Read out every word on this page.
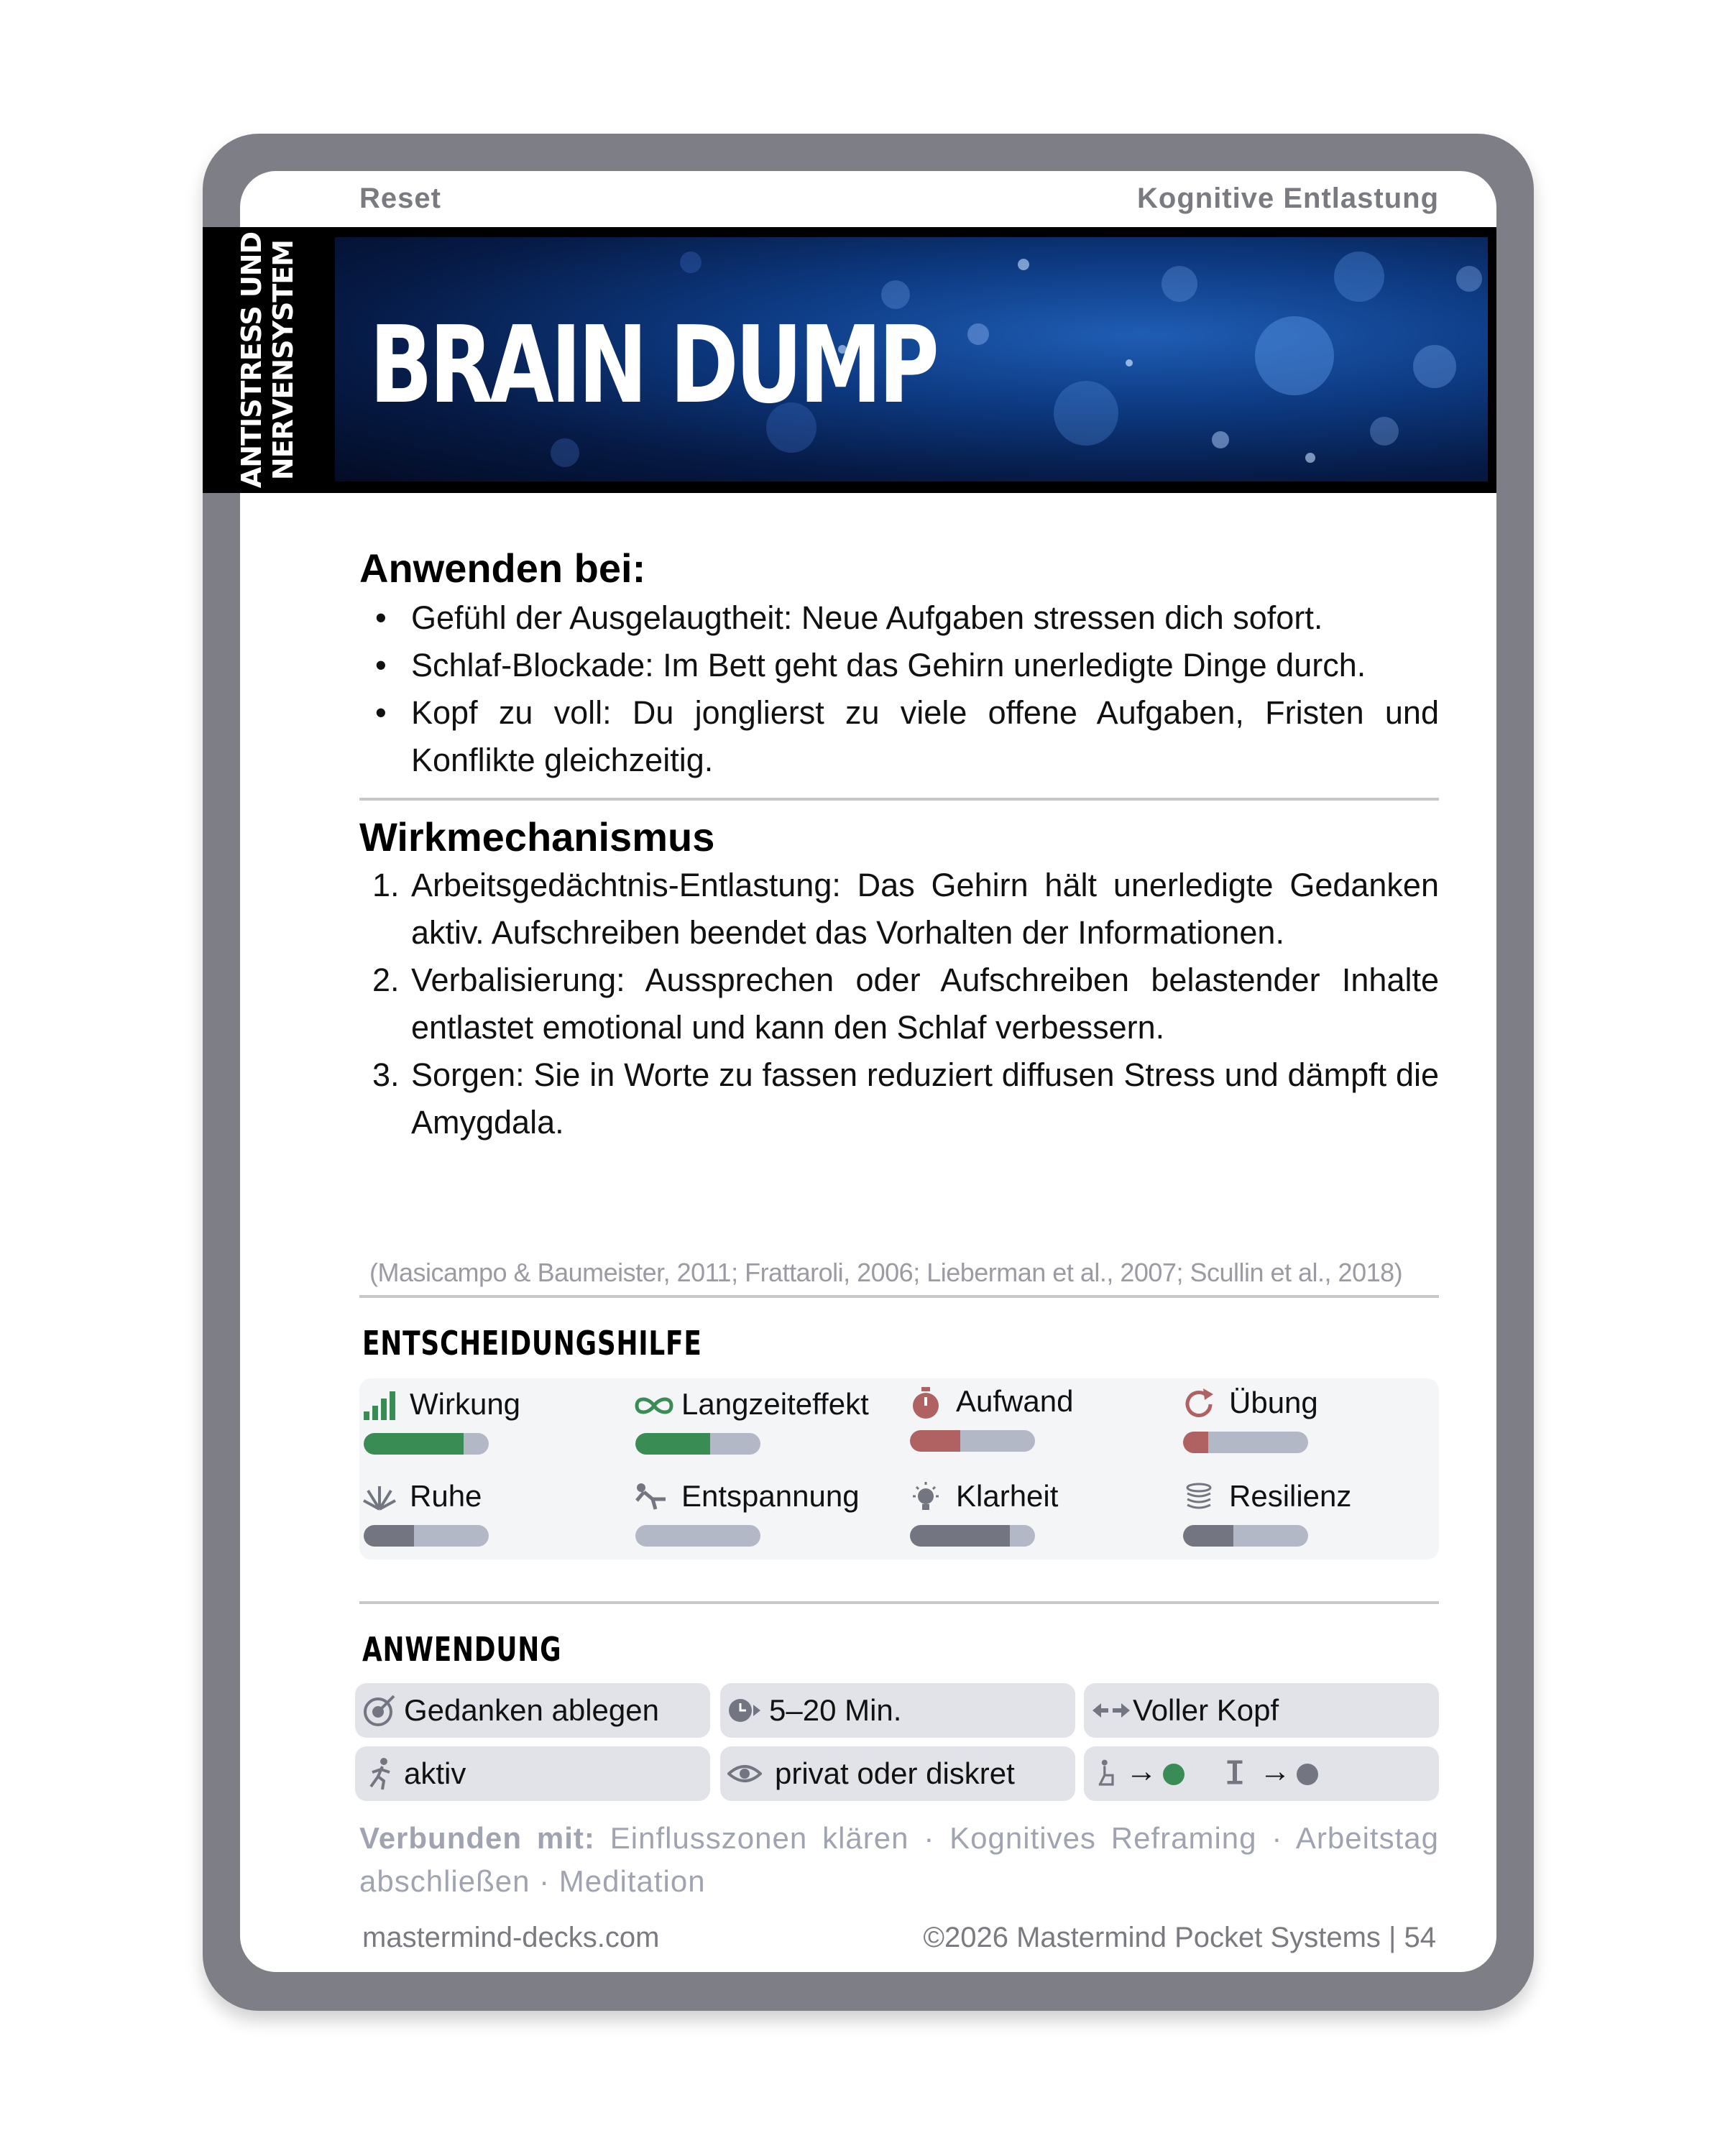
Reset	Kognitive Entlastung
Anwenden bei:
• Gefühl der Ausgelaugtheit: Neue Aufgaben stressen dich sofort.
• Schlaf-Blockade: Im Bett geht das Gehirn unerledigte Dinge durch.
• Kopf zu voll: Du jonglierst zu viele offene Aufgaben, Fristen und Konflikte gleichzeitig.
Wirkmechanismus
1. Arbeitsgedächtnis-Entlastung: Das Gehirn hält unerledigte Gedanken aktiv. Aufschreiben beendet das Vorhalten der Informationen.
2. Verbalisierung: Aussprechen oder Aufschreiben belastender Inhalte entlastet emotional und kann den Schlaf verbessern.
3. Sorgen: Sie in Worte zu fassen reduziert diffusen Stress und dämpft die Amygdala.
(Masicampo & Baumeister, 2011; Frattaroli, 2006; Lieberman et al., 2007; Scullin et al., 2018)
ENTSCHEIDUNGSHILFE
Wirkung	Langzeiteffekt	Aufwand	Übung
Ruhe	Entspannung	Klarheit	Resilienz
ANWENDUNG
Gedanken ablegen	5–20 Min.	Voller Kopf
aktiv	privat oder diskret	→	→
Verbunden mit: Einflusszonen klären · Kognitives Reframing · Arbeitstag abschließen · Meditation
mastermind-decks.com	©2026 Mastermind Pocket Systems | 54
ANTISTRESS UND NERVENSYSTEM BRAIN DUMP
